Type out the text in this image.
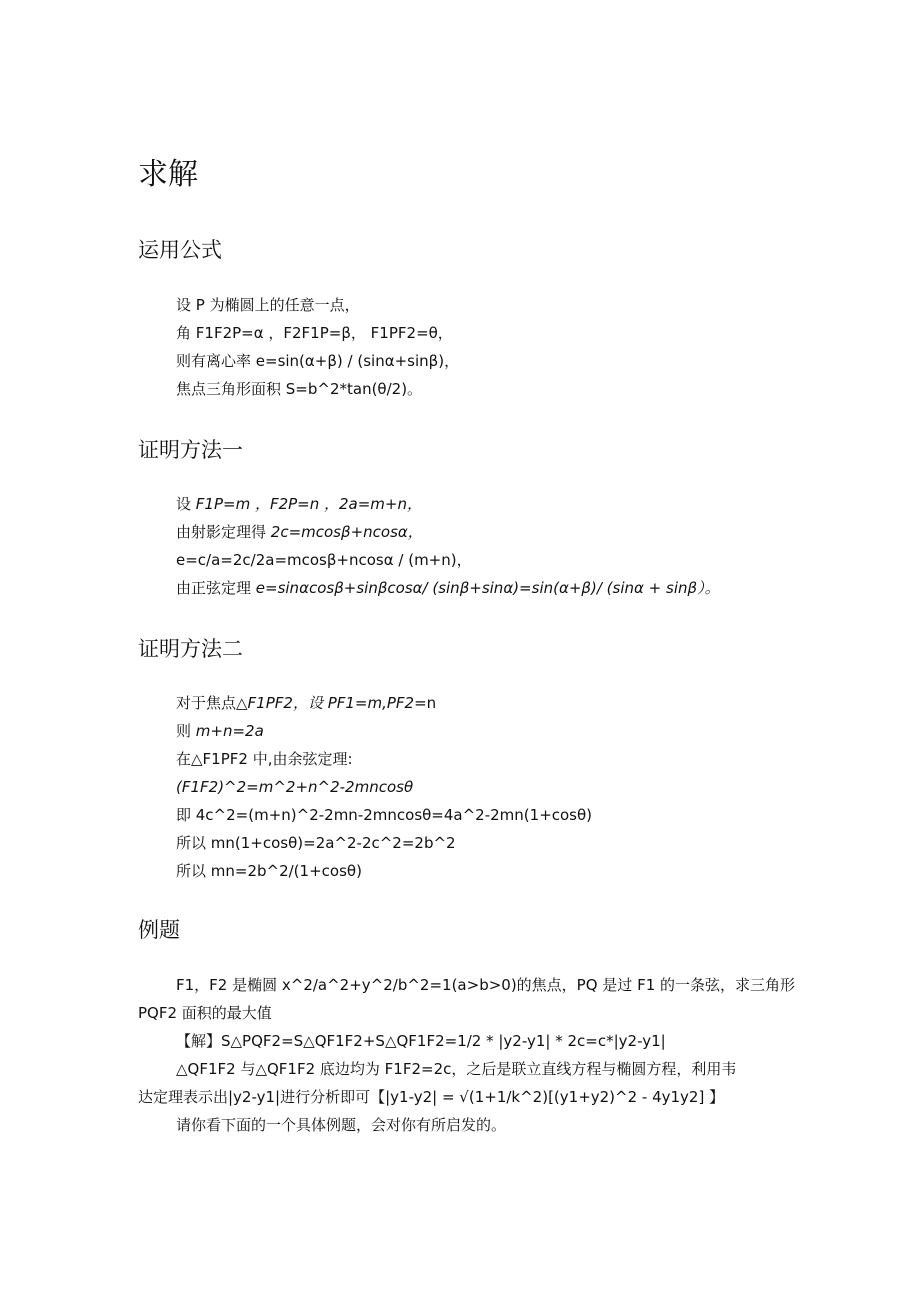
求解
运用公式

设 P 为椭圆上的任意一点，

角 F1F2P=α ，F2F1P=β， F1PF2=θ，

则有离心率 e=sin(α+β) / (sinα+sinβ)，

焦点三角形面积 S=b^2*tan(θ/2)。

证明方法一

设 F1P=m ，F2P=n ，2a=m+n，

由射影定理得 2c=mcosβ+ncosα，

e=c/a=2c/2a=mcosβ+ncosα / (m+n)，

由正弦定理 e=sinαcosβ+sinβcosα/ (sinβ+sinα)=sin(α+β)/ (sinα + sinβ）。

证明方法二

对于焦点△F1PF2，设 PF1=m,PF2=n

则 m+n=2a

在△F1PF2 中,由余弦定理:

(F1F2)^2=m^2+n^2-2mncosθ

即 4c^2=(m+n)^2-2mn-2mncosθ=4a^2-2mn(1+cosθ)

所以 mn(1+cosθ)=2a^2-2c^2=2b^2

所以 mn=2b^2/(1+cosθ)

例题

F1，F2 是椭圆 x^2/a^2+y^2/b^2=1(a>b>0)的焦点，PQ 是过 F1 的一条弦，求三角形

PQF2 面积的最大值

【解】S△PQF2=S△QF1F2+S△QF1F2=1/2 * |y2-y1| * 2c=c*|y2-y1|

△QF1F2 与△QF1F2 底边均为 F1F2=2c，之后是联立直线方程与椭圆方程，利用韦

达定理表示出|y2-y1|进行分析即可【|y1-y2| = √(1+1/k^2)[(y1+y2)^2 - 4y1y2] 】

请你看下面的一个具体例题，会对你有所启发的。
